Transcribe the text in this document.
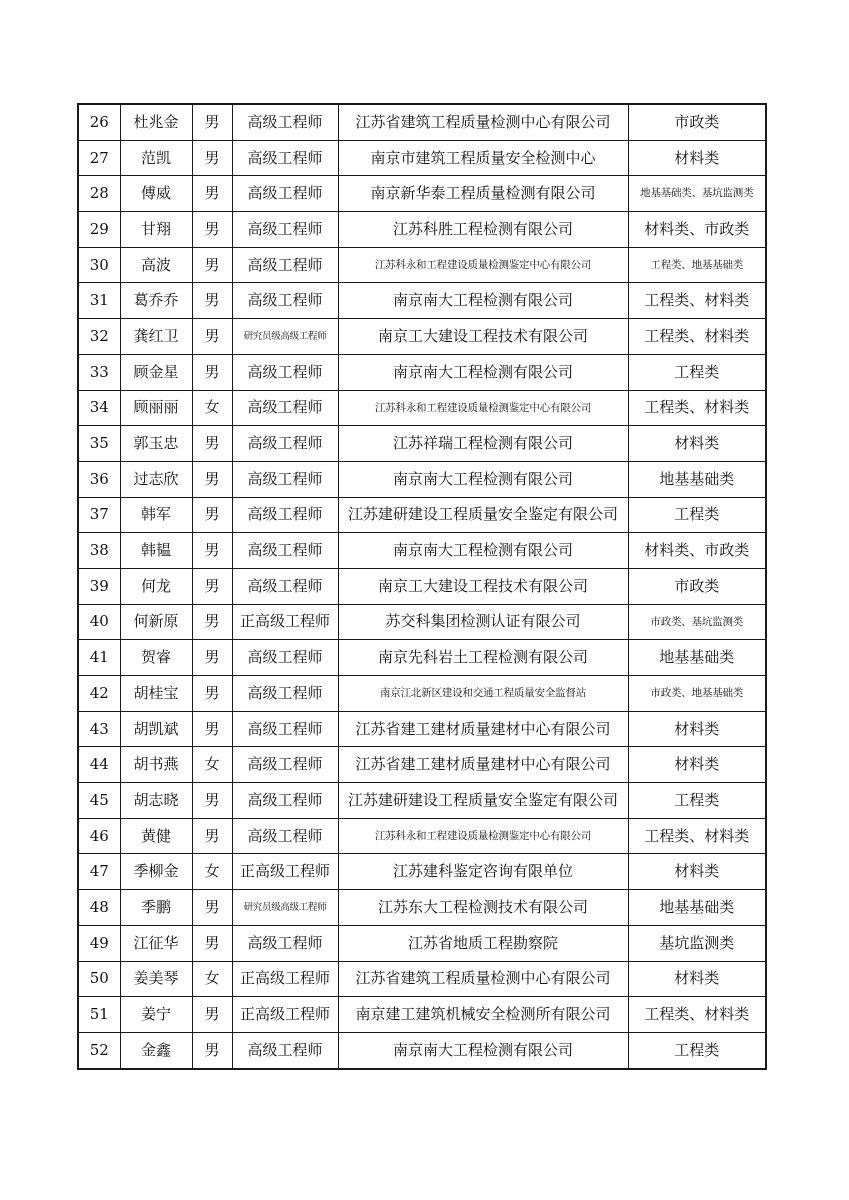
26	杜兆金	男	高级工程师	江苏省建筑工程质量检测中心有限公司	市政类
27	范凯	男	高级工程师	南京市建筑工程质量安全检测中心	材料类
28	傅威	男	高级工程师	南京新华泰工程质量检测有限公司	地基基础类、基坑监测类
29	甘翔	男	高级工程师	江苏科胜工程检测有限公司	材料类、市政类
30	高波	男	高级工程师	江苏科永和工程建设质量检测鉴定中心有限公司	工程类、地基基础类
31	葛乔乔	男	高级工程师	南京南大工程检测有限公司	工程类、材料类
32	龚红卫	男	研究员级高级工程师	南京工大建设工程技术有限公司	工程类、材料类
33	顾金星	男	高级工程师	南京南大工程检测有限公司	工程类
34	顾丽丽	女	高级工程师	江苏科永和工程建设质量检测鉴定中心有限公司	工程类、材料类
35	郭玉忠	男	高级工程师	江苏祥瑞工程检测有限公司	材料类
36	过志欣	男	高级工程师	南京南大工程检测有限公司	地基基础类
37	韩军	男	高级工程师	江苏建研建设工程质量安全鉴定有限公司	工程类
38	韩韫	男	高级工程师	南京南大工程检测有限公司	材料类、市政类
39	何龙	男	高级工程师	南京工大建设工程技术有限公司	市政类
40	何新原	男	正高级工程师	苏交科集团检测认证有限公司	市政类、基坑监测类
41	贺睿	男	高级工程师	南京先科岩土工程检测有限公司	地基基础类
42	胡桂宝	男	高级工程师	南京江北新区建设和交通工程质量安全监督站	市政类、地基基础类
43	胡凯斌	男	高级工程师	江苏省建工建材质量建材中心有限公司	材料类
44	胡书燕	女	高级工程师	江苏省建工建材质量建材中心有限公司	材料类
45	胡志晓	男	高级工程师	江苏建研建设工程质量安全鉴定有限公司	工程类
46	黄健	男	高级工程师	江苏科永和工程建设质量检测鉴定中心有限公司	工程类、材料类
47	季柳金	女	正高级工程师	江苏建科鉴定咨询有限单位	材料类
48	季鹏	男	研究员级高级工程师	江苏东大工程检测技术有限公司	地基基础类
49	江征华	男	高级工程师	江苏省地质工程勘察院	基坑监测类
50	姜美琴	女	正高级工程师	江苏省建筑工程质量检测中心有限公司	材料类
51	姜宁	男	正高级工程师	南京建工建筑机械安全检测所有限公司	工程类、材料类
52	金鑫	男	高级工程师	南京南大工程检测有限公司	工程类
